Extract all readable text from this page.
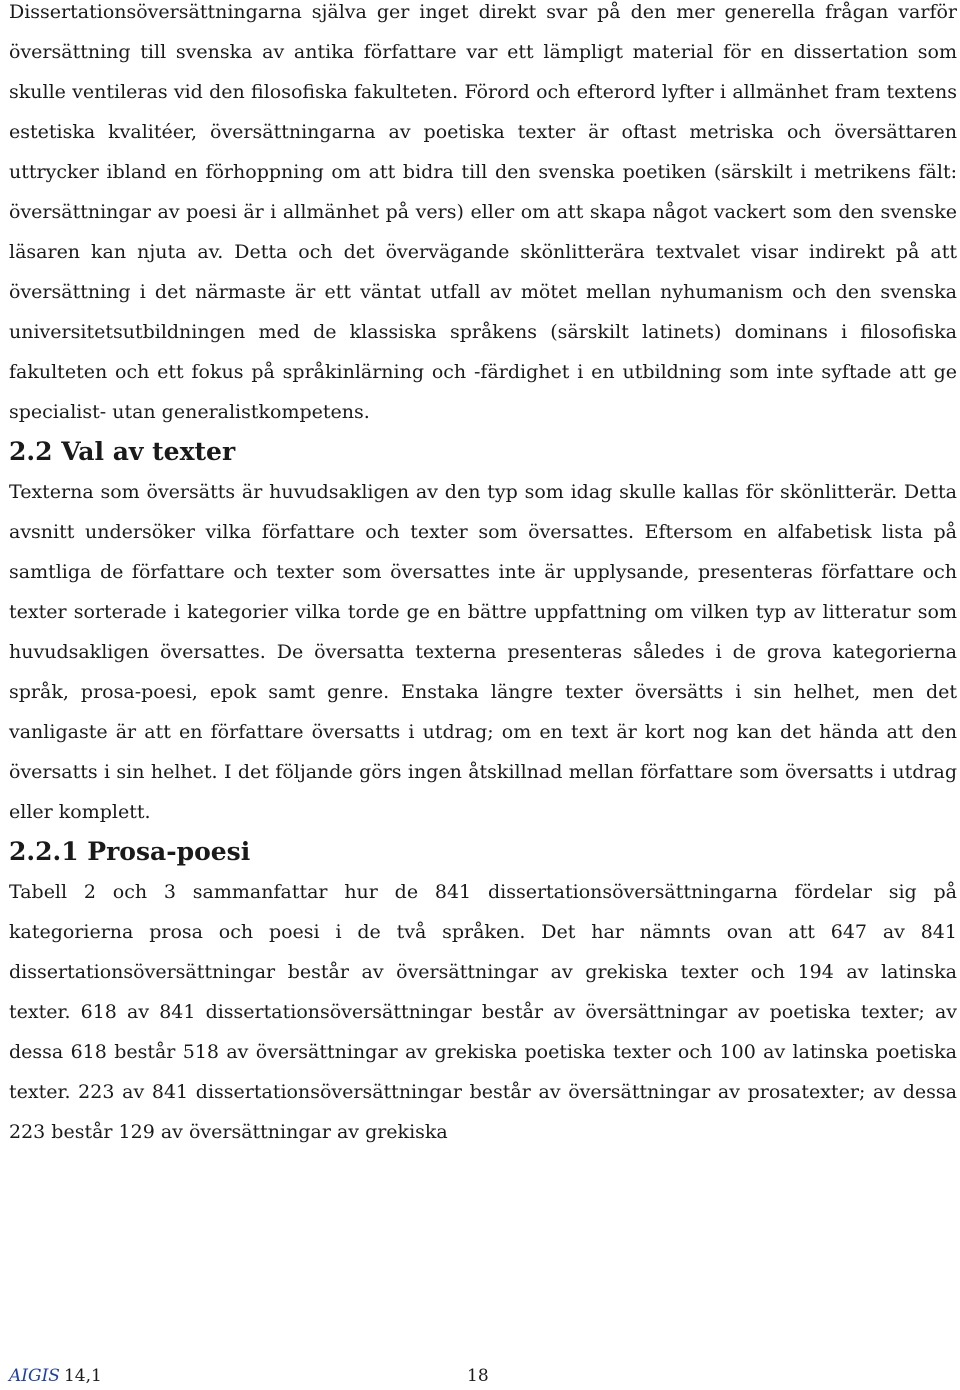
Dissertationsöversättningarna själva ger inget direkt svar på den mer generella frågan varför översättning till svenska av antika författare var ett lämpligt material för en dissertation som skulle ventileras vid den filosofiska fakulteten. Förord och efterord lyfter i allmänhet fram textens estetiska kvalitéer, översättningarna av poetiska texter är oftast metriska och översättaren uttrycker ibland en förhoppning om att bidra till den svenska poetiken (särskilt i metrikens fält: översättningar av poesi är i allmänhet på vers) eller om att skapa något vackert som den svenske läsaren kan njuta av. Detta och det övervägande skönlitterära textvalet visar indirekt på att översättning i det närmaste är ett väntat utfall av mötet mellan nyhumanism och den svenska universitetsutbildningen med de klassiska språkens (särskilt latinets) dominans i filosofiska fakulteten och ett fokus på språkinlärning och -färdighet i en utbildning som inte syftade att ge specialist- utan generalistkompetens.

2.2 Val av texter

Texterna som översätts är huvudsakligen av den typ som idag skulle kallas för skönlitterär. Detta avsnitt undersöker vilka författare och texter som översattes. Eftersom en alfabetisk lista på samtliga de författare och texter som översattes inte är upplysande, presenteras författare och texter sorterade i kategorier vilka torde ge en bättre uppfattning om vilken typ av litteratur som huvudsakligen översattes. De översatta texterna presenteras således i de grova kategorierna språk, prosa-poesi, epok samt genre. Enstaka längre texter översätts i sin helhet, men det vanligaste är att en författare översatts i utdrag; om en text är kort nog kan det hända att den översatts i sin helhet. I det följande görs ingen åtskillnad mellan författare som översatts i utdrag eller komplett.

2.2.1 Prosa-poesi

Tabell 2 och 3 sammanfattar hur de 841 dissertationsöversättningarna fördelar sig på kategorierna prosa och poesi i de två språken. Det har nämnts ovan att 647 av 841 dissertationsöversättningar består av översättningar av grekiska texter och 194 av latinska texter. 618 av 841 dissertationsöversättningar består av översättningar av poetiska texter; av dessa 618 består 518 av översättningar av grekiska poetiska texter och 100 av latinska poetiska texter. 223 av 841 dissertationsöversättningar består av översättningar av prosatexter; av dessa 223 består 129 av översättningar av grekiska

AIGIS 14,1	18
